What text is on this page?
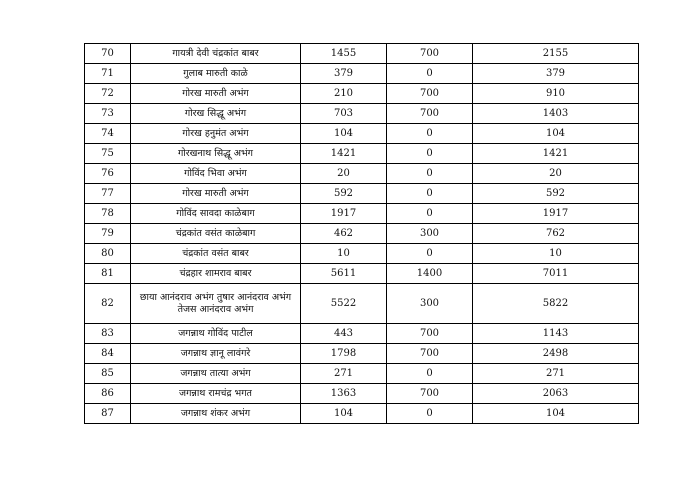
70	गायत्री देवी चंद्रकांत बाबर	1455	700	2155
71	गुलाब मारुती काळे	379	0	379
72	गोरख मारुती अभंग	210	700	910
73	गोरख सिद्धू अभंग	703	700	1403
74	गोरख हनुमंत अभंग	104	0	104
75	गोरखनाथ सिद्धू अभंग	1421	0	1421
76	गोविंद भिवा अभंग	20	0	20
77	गोरख मारुती अभंग	592	0	592
78	गोविंद सावदा काळेबाग	1917	0	1917
79	चंद्रकांत वसंत काळेबाग	462	300	762
80	चंद्रकांत वसंत बाबर	10	0	10
81	चंद्रहार शामराव बाबर	5611	1400	7011
82	छाया आनंदराव अभंग तुषार आनंदराव अभंग तेजस आनंदराव अभंग	5522	300	5822
83	जगन्नाथ गोविंद पाटील	443	700	1143
84	जगन्नाथ ज्ञानू लावंगरे	1798	700	2498
85	जगन्नाथ तात्या अभंग	271	0	271
86	जगन्नाथ रामचंद्र भगत	1363	700	2063
87	जगन्नाथ शंकर अभंग	104	0	104
